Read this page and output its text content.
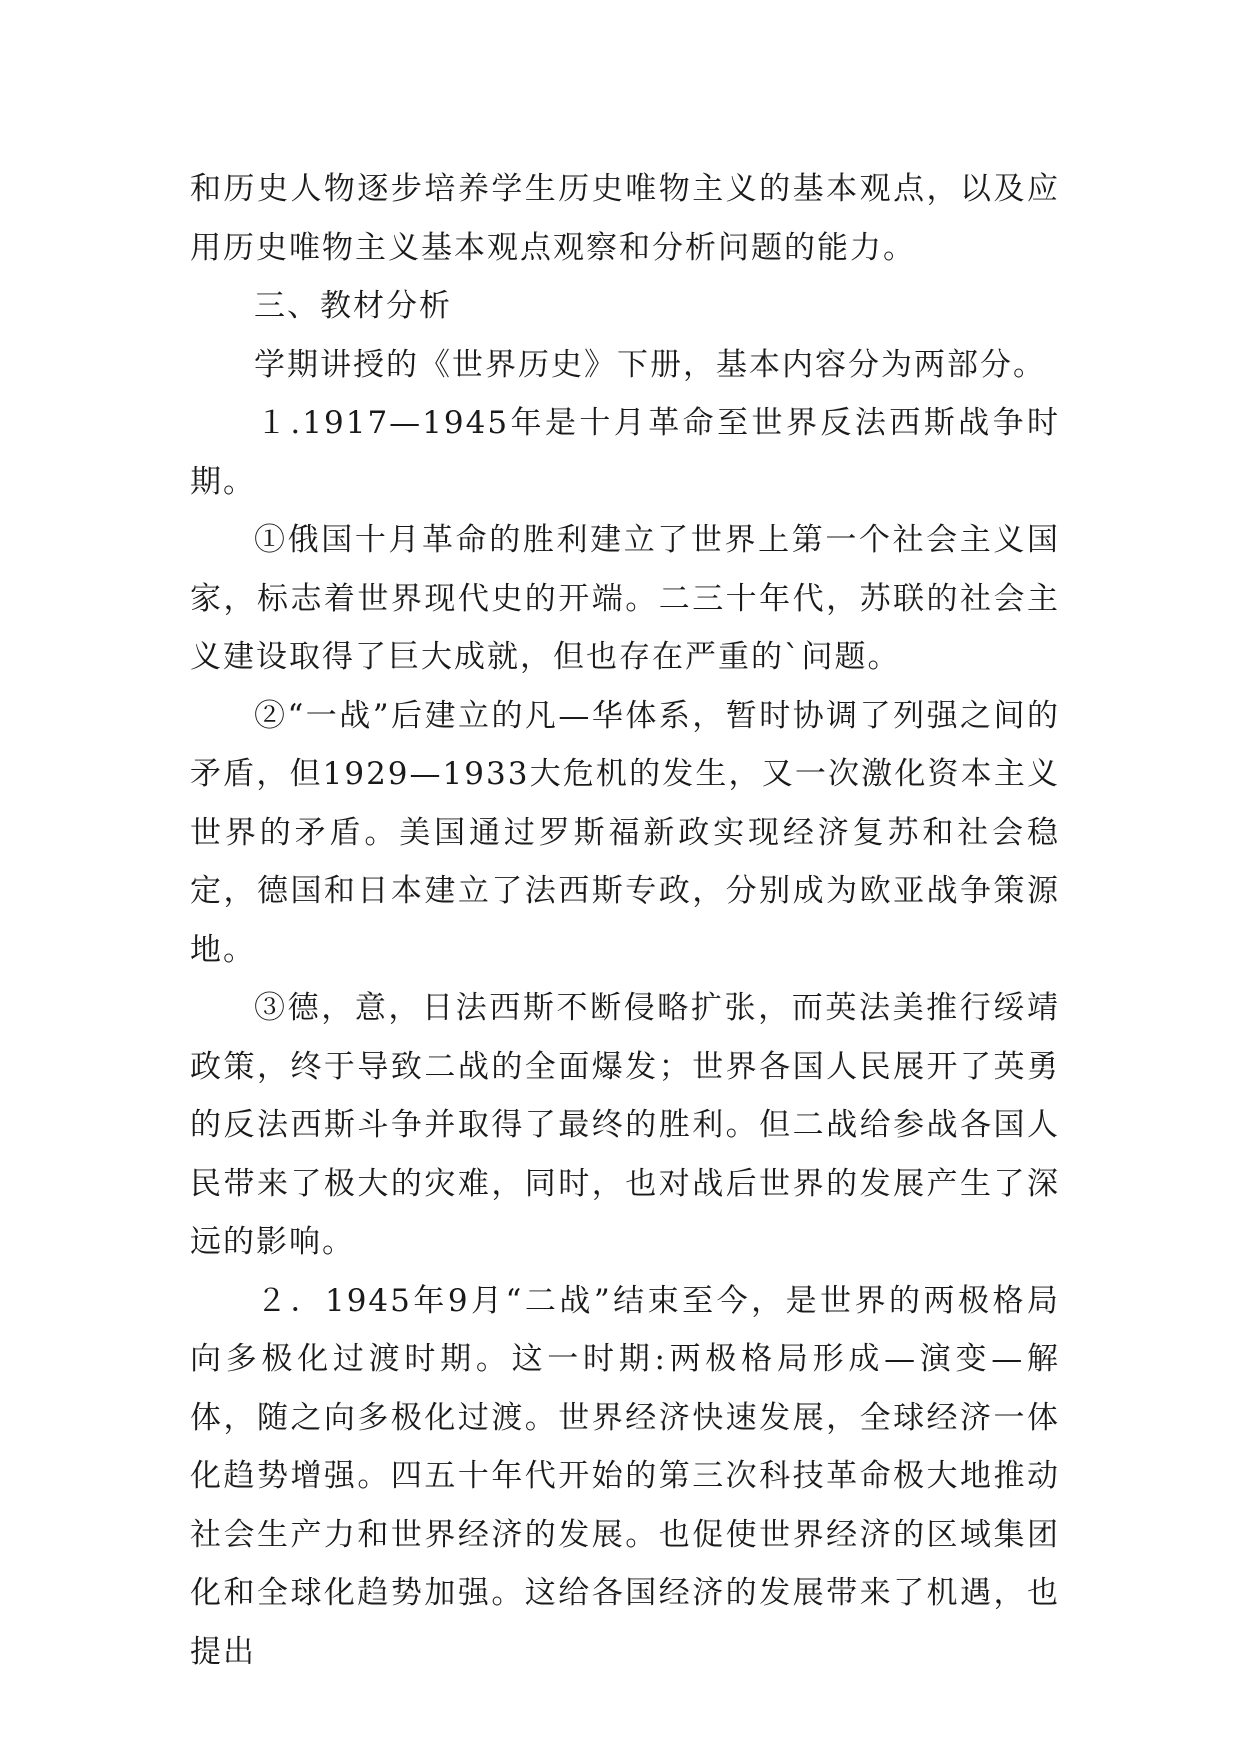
和历史人物逐步培养学生历史唯物主义的基本观点，以及应用历史唯物主义基本观点观察和分析问题的能力。

三、教材分析

学期讲授的《世界历史》下册，基本内容分为两部分。

１.1917—1945年是十月革命至世界反法西斯战争时期。

①俄国十月革命的胜利建立了世界上第一个社会主义国家，标志着世界现代史的开端。二三十年代，苏联的社会主义建设取得了巨大成就，但也存在严重的`问题。

②“一战”后建立的凡—华体系，暂时协调了列强之间的矛盾，但1929—1933大危机的发生，又一次激化资本主义世界的矛盾。美国通过罗斯福新政实现经济复苏和社会稳定，德国和日本建立了法西斯专政，分别成为欧亚战争策源地。

③德，意，日法西斯不断侵略扩张，而英法美推行绥靖政策，终于导致二战的全面爆发；世界各国人民展开了英勇的反法西斯斗争并取得了最终的胜利。但二战给参战各国人民带来了极大的灾难，同时，也对战后世界的发展产生了深远的影响。

２．1945年9月“二战”结束至今，是世界的两极格局向多极化过渡时期。这一时期:两极格局形成—演变—解体，随之向多极化过渡。世界经济快速发展，全球经济一体化趋势增强。四五十年代开始的第三次科技革命极大地推动社会生产力和世界经济的发展。也促使世界经济的区域集团化和全球化趋势加强。这给各国经济的发展带来了机遇，也提出
